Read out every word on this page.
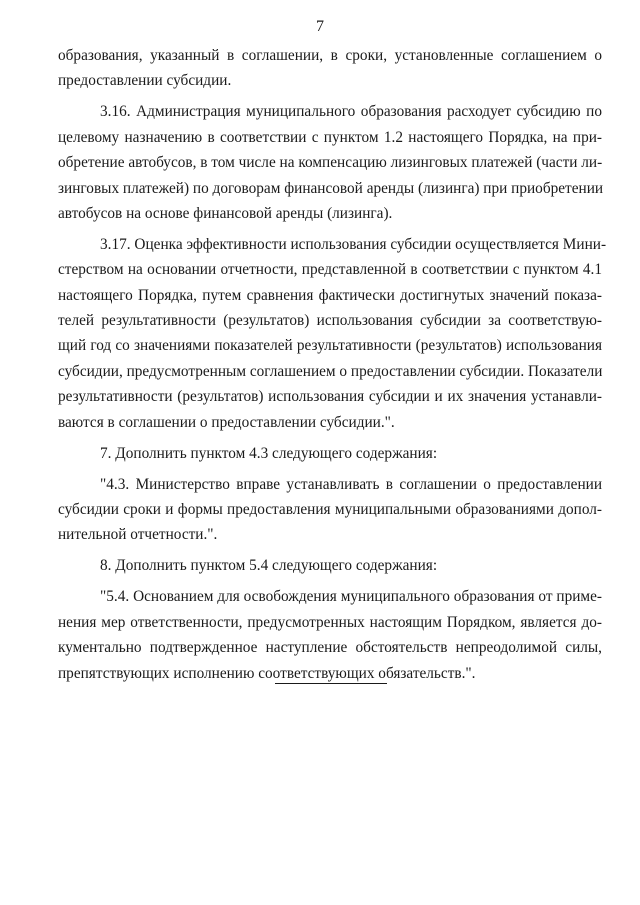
7
образования, указанный в соглашении, в сроки, установленные соглашением о
предоставлении субсидии.
3.16. Администрация муниципального образования расходует субсидию по
целевому назначению в соответствии с пунктом 1.2 настоящего Порядка, на при-
обретение автобусов, в том числе на компенсацию лизинговых платежей (части ли-
зинговых платежей) по договорам финансовой аренды (лизинга) при приобретении
автобусов на основе финансовой аренды (лизинга).
3.17. Оценка эффективности использования субсидии осуществляется Мини-
стерством на основании отчетности, представленной в соответствии с пунктом 4.1
настоящего Порядка, путем сравнения фактически достигнутых значений показа-
телей результативности (результатов) использования субсидии за соответствую-
щий год со значениями показателей результативности (результатов) использования
субсидии, предусмотренным соглашением о предоставлении субсидии. Показатели
результативности (результатов) использования субсидии и их значения устанавли-
ваются в соглашении о предоставлении субсидии.".
7. Дополнить пунктом 4.3 следующего содержания:
"4.3. Министерство вправе устанавливать в соглашении о предоставлении
субсидии сроки и формы предоставления муниципальными образованиями допол-
нительной отчетности.".
8. Дополнить пунктом 5.4 следующего содержания:
"5.4. Основанием для освобождения муниципального образования от приме-
нения мер ответственности, предусмотренных настоящим Порядком, является до-
кументально подтвержденное наступление обстоятельств непреодолимой силы,
препятствующих исполнению соответствующих обязательств.".
